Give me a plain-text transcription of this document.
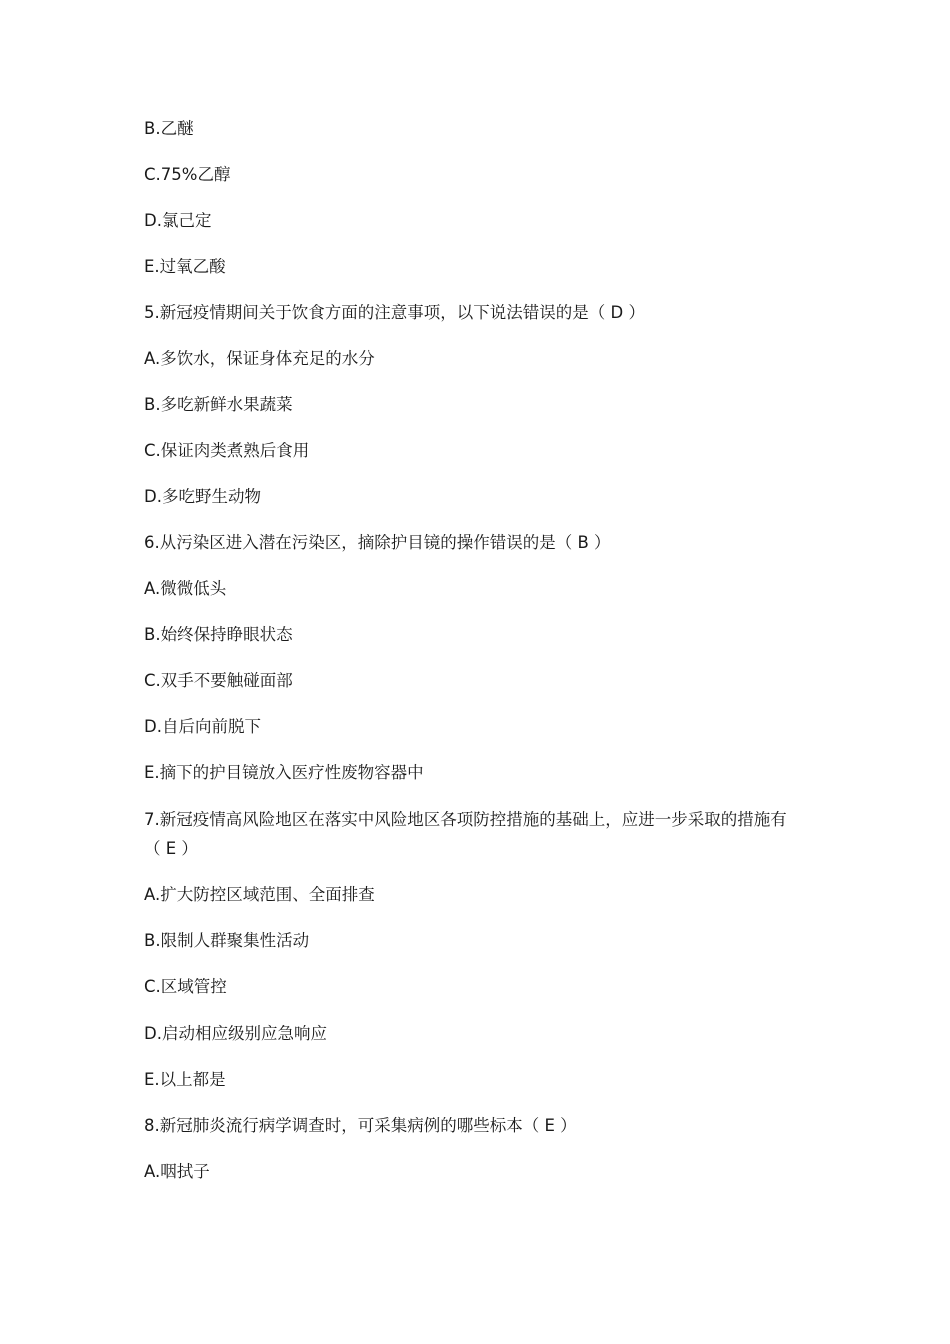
B.乙醚
C.75%乙醇
D.氯己定
E.过氧乙酸
5.新冠疫情期间关于饮食方面的注意事项，以下说法错误的是（ D ）
A.多饮水，保证身体充足的水分
B.多吃新鲜水果蔬菜
C.保证肉类煮熟后食用
D.多吃野生动物
6.从污染区进入潜在污染区，摘除护目镜的操作错误的是（ B ）
A.微微低头
B.始终保持睁眼状态
C.双手不要触碰面部
D.自后向前脱下
E.摘下的护目镜放入医疗性废物容器中
7.新冠疫情高风险地区在落实中风险地区各项防控措施的基础上，应进一步采取的措施有（ E ）
A.扩大防控区域范围、全面排查
B.限制人群聚集性活动
C.区域管控
D.启动相应级别应急响应
E.以上都是
8.新冠肺炎流行病学调查时，可采集病例的哪些标本（ E ）
A.咽拭子
